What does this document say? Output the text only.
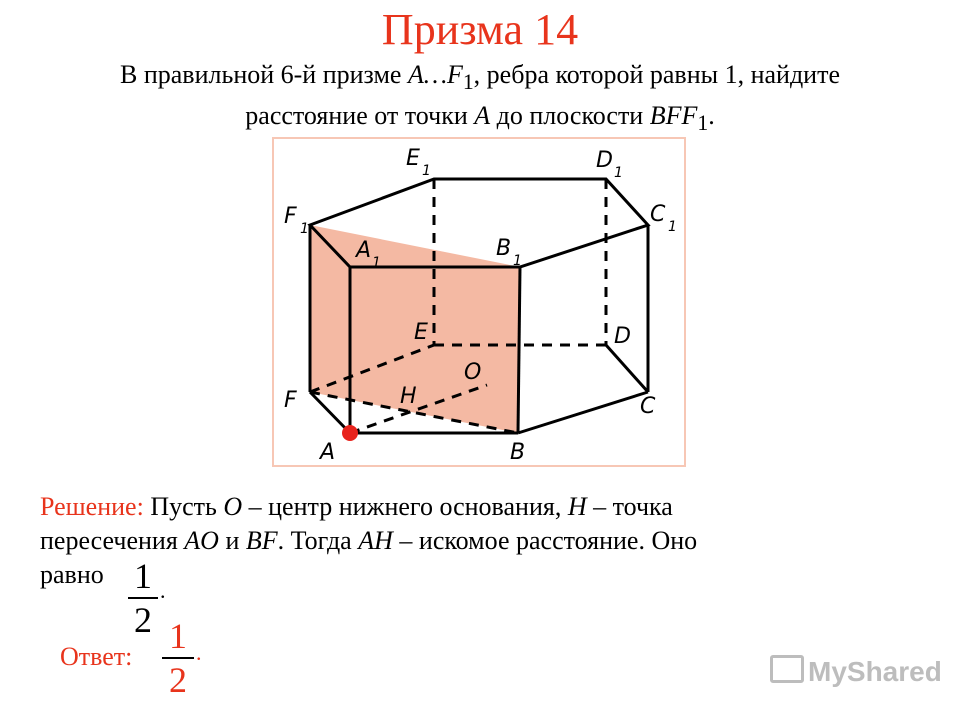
Призма 14
В правильной 6-й призме $A\dots F_1$, ребра которой равны 1, найдите
расстояние от точки A до плоскости $BFF_1$.
E 1	D 1
F 1
C 1
A 1
B 1
E	D
F	C
A	B
O
H
Решение: Пусть O – центр нижнего основания, H – точка
пересечения AO и BF. Тогда AH – искомое расстояние. Оно
равно 1
2
.
Ответ:
1
2
.
MyShared
